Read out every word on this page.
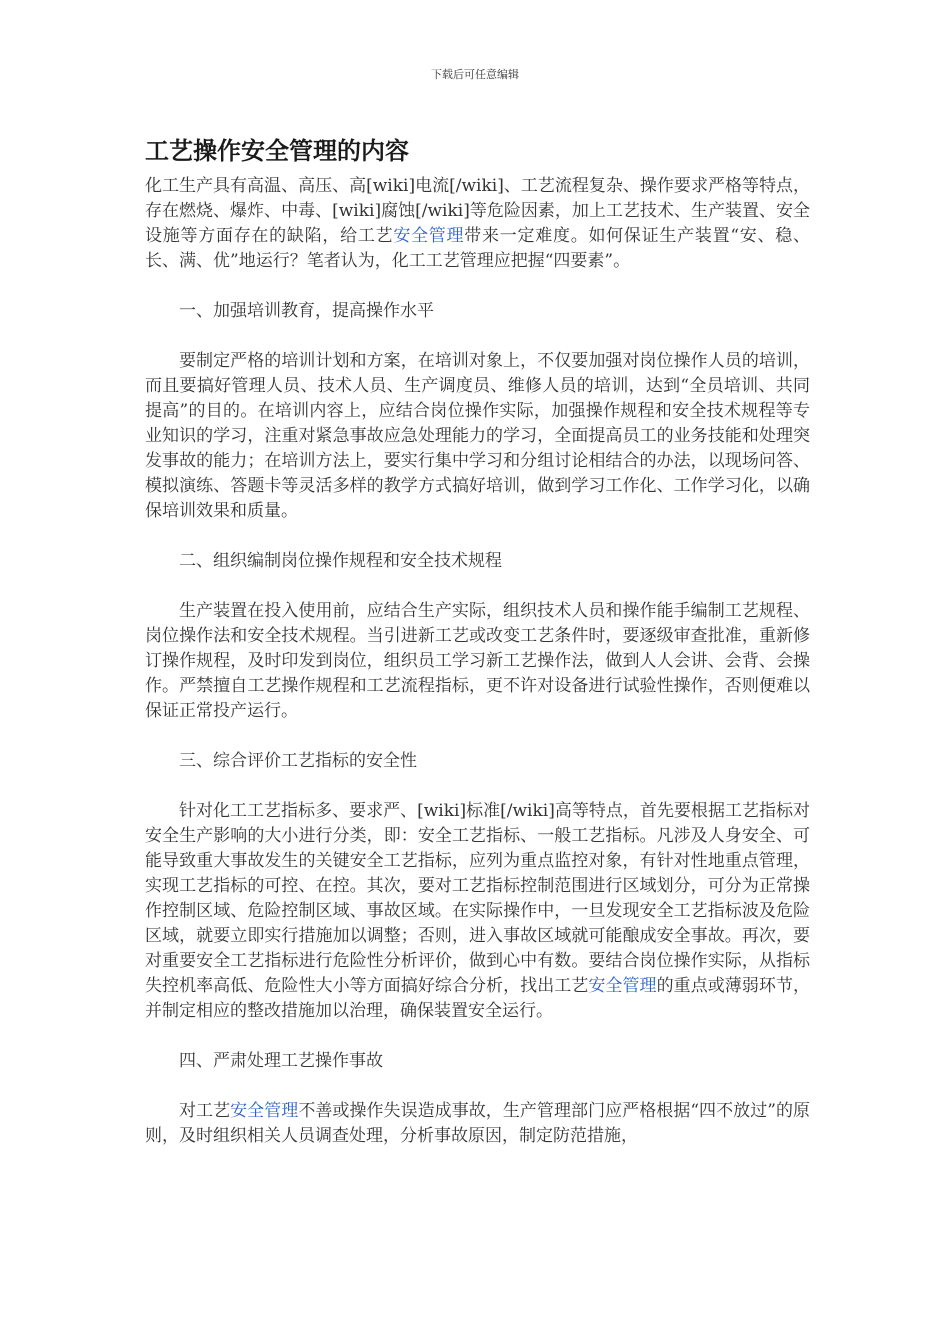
下载后可任意编辑
工艺操作安全管理的内容

化工生产具有高温、高压、高[wiki]电流[/wiki]、工艺流程复杂、操作要求严格等特点，存在燃烧、爆炸、中毒、[wiki]腐蚀[/wiki]等危险因素，加上工艺技术、生产装置、安全设施等方面存在的缺陷，给工艺安全管理带来一定难度。如何保证生产装置“安、稳、长、满、优”地运行？笔者认为，化工工艺管理应把握“四要素”。

一、加强培训教育，提高操作水平

要制定严格的培训计划和方案，在培训对象上，不仅要加强对岗位操作人员的培训，而且要搞好管理人员、技术人员、生产调度员、维修人员的培训，达到“全员培训、共同提高”的目的。在培训内容上，应结合岗位操作实际，加强操作规程和安全技术规程等专业知识的学习，注重对紧急事故应急处理能力的学习，全面提高员工的业务技能和处理突发事故的能力；在培训方法上，要实行集中学习和分组讨论相结合的办法，以现场问答、模拟演练、答题卡等灵活多样的教学方式搞好培训，做到学习工作化、工作学习化，以确保培训效果和质量。

二、组织编制岗位操作规程和安全技术规程

生产装置在投入使用前，应结合生产实际，组织技术人员和操作能手编制工艺规程、岗位操作法和安全技术规程。当引进新工艺或改变工艺条件时，要逐级审查批准，重新修订操作规程，及时印发到岗位，组织员工学习新工艺操作法，做到人人会讲、会背、会操作。严禁擅自工艺操作规程和工艺流程指标，更不许对设备进行试验性操作，否则便难以保证正常投产运行。

三、综合评价工艺指标的安全性

针对化工工艺指标多、要求严、[wiki]标准[/wiki]高等特点，首先要根据工艺指标对安全生产影响的大小进行分类，即：安全工艺指标、一般工艺指标。凡涉及人身安全、可能导致重大事故发生的关键安全工艺指标，应列为重点监控对象，有针对性地重点管理，实现工艺指标的可控、在控。其次，要对工艺指标控制范围进行区域划分，可分为正常操作控制区域、危险控制区域、事故区域。在实际操作中，一旦发现安全工艺指标波及危险区域，就要立即实行措施加以调整；否则，进入事故区域就可能酿成安全事故。再次，要对重要安全工艺指标进行危险性分析评价，做到心中有数。要结合岗位操作实际，从指标失控机率高低、危险性大小等方面搞好综合分析，找出工艺安全管理的重点或薄弱环节，并制定相应的整改措施加以治理，确保装置安全运行。

四、严肃处理工艺操作事故

对工艺安全管理不善或操作失误造成事故，生产管理部门应严格根据“四不放过”的原则，及时组织相关人员调查处理，分析事故原因，制定防范措施，
